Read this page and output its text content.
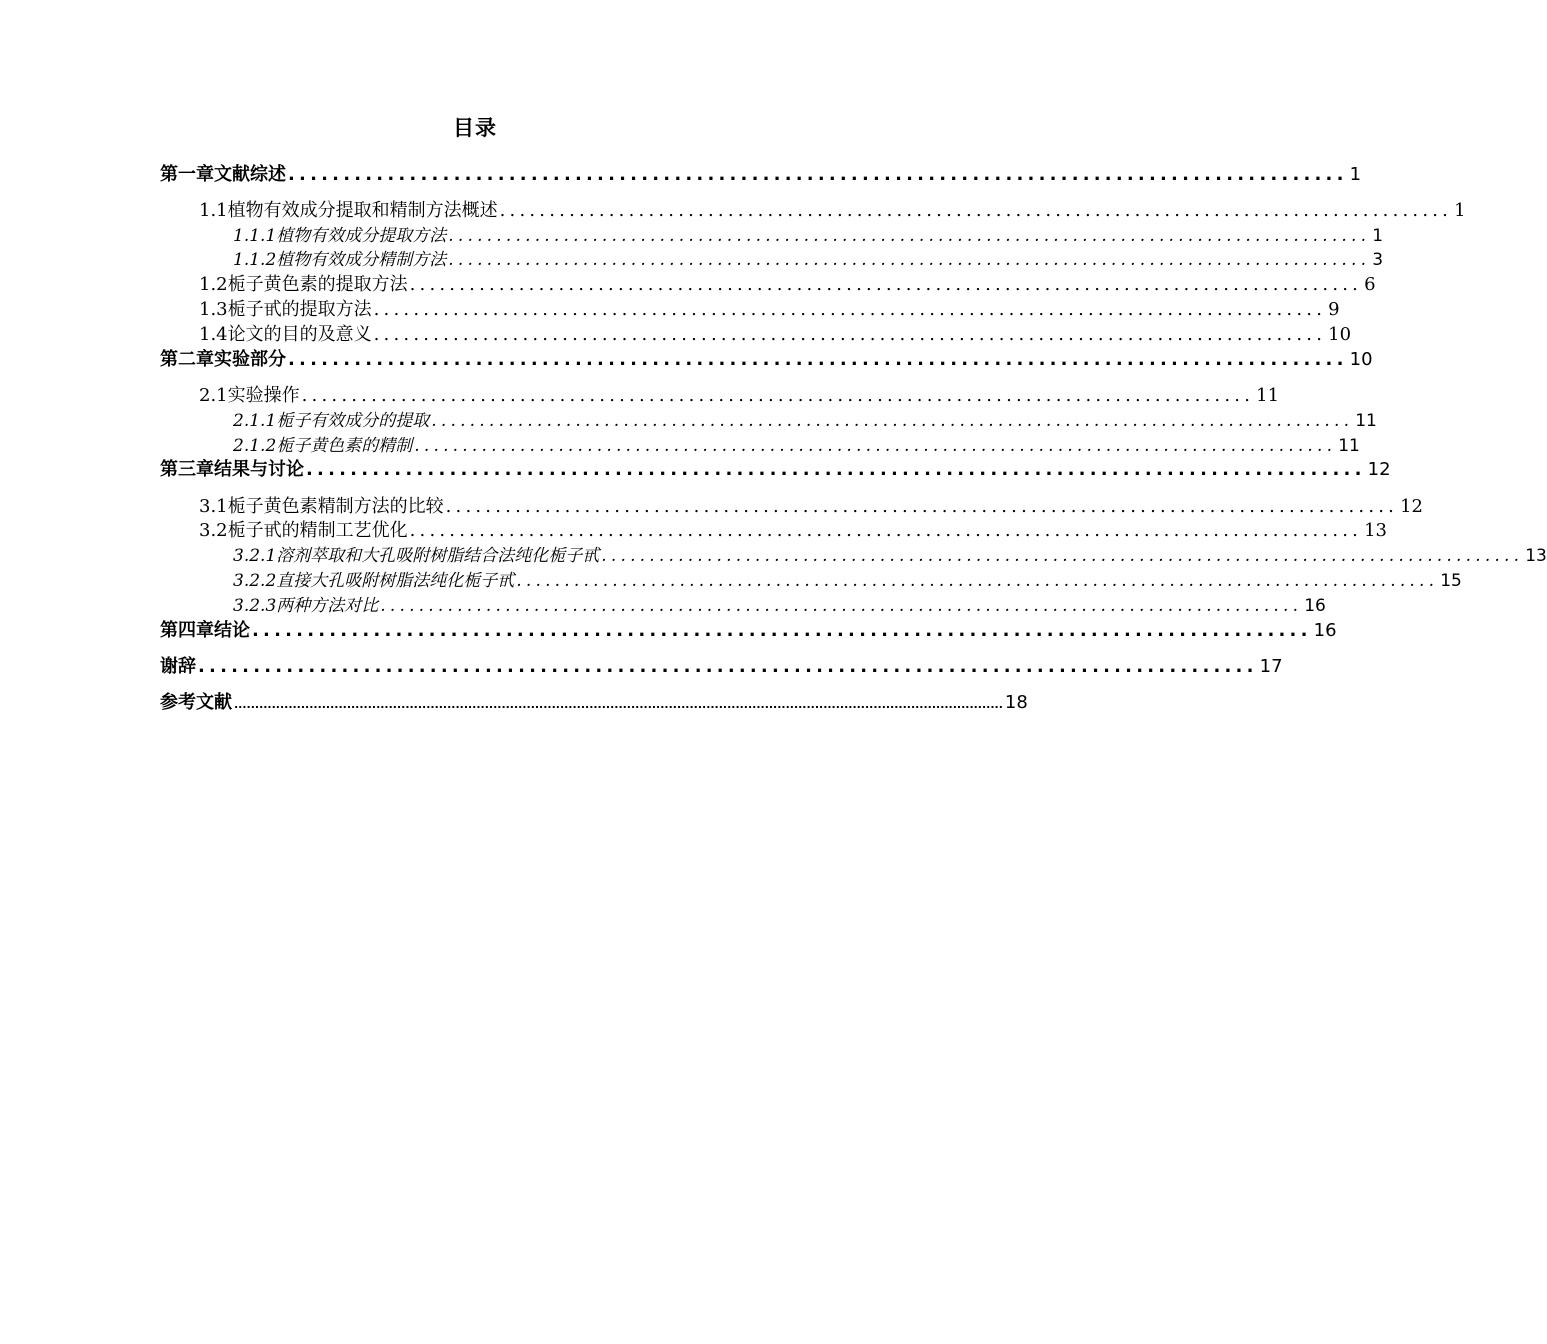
目录
第一章文献综述 ................................................................................................ 1
1.1植物有效成分提取和精制方法概述 ................................................................................................ 1
1.1.1植物有效成分提取方法 ................................................................................................ 1
1.1.2植物有效成分精制方法 ................................................................................................ 3
1.2栀子黄色素的提取方法 ................................................................................................ 6
1.3栀子甙的提取方法 ................................................................................................ 9
1.4论文的目的及意义 ................................................................................................ 10
第二章实验部分 ................................................................................................ 10
2.1实验操作 ................................................................................................ 11
2.1.1栀子有效成分的提取 ................................................................................................ 11
2.1.2栀子黄色素的精制 ................................................................................................ 11
第三章结果与讨论 ................................................................................................ 12
3.1栀子黄色素精制方法的比较 ................................................................................................ 12
3.2栀子甙的精制工艺优化 ................................................................................................ 13
3.2.1溶剂萃取和大孔吸附树脂结合法纯化栀子甙 ................................................................................................ 13
3.2.2直接大孔吸附树脂法纯化栀子甙 ................................................................................................ 15
3.2.3两种方法对比 ................................................................................................ 16
第四章结论 ................................................................................................ 16
谢辞 ................................................................................................ 17
参考文献 ........................................................................................................................................................................................ 18
